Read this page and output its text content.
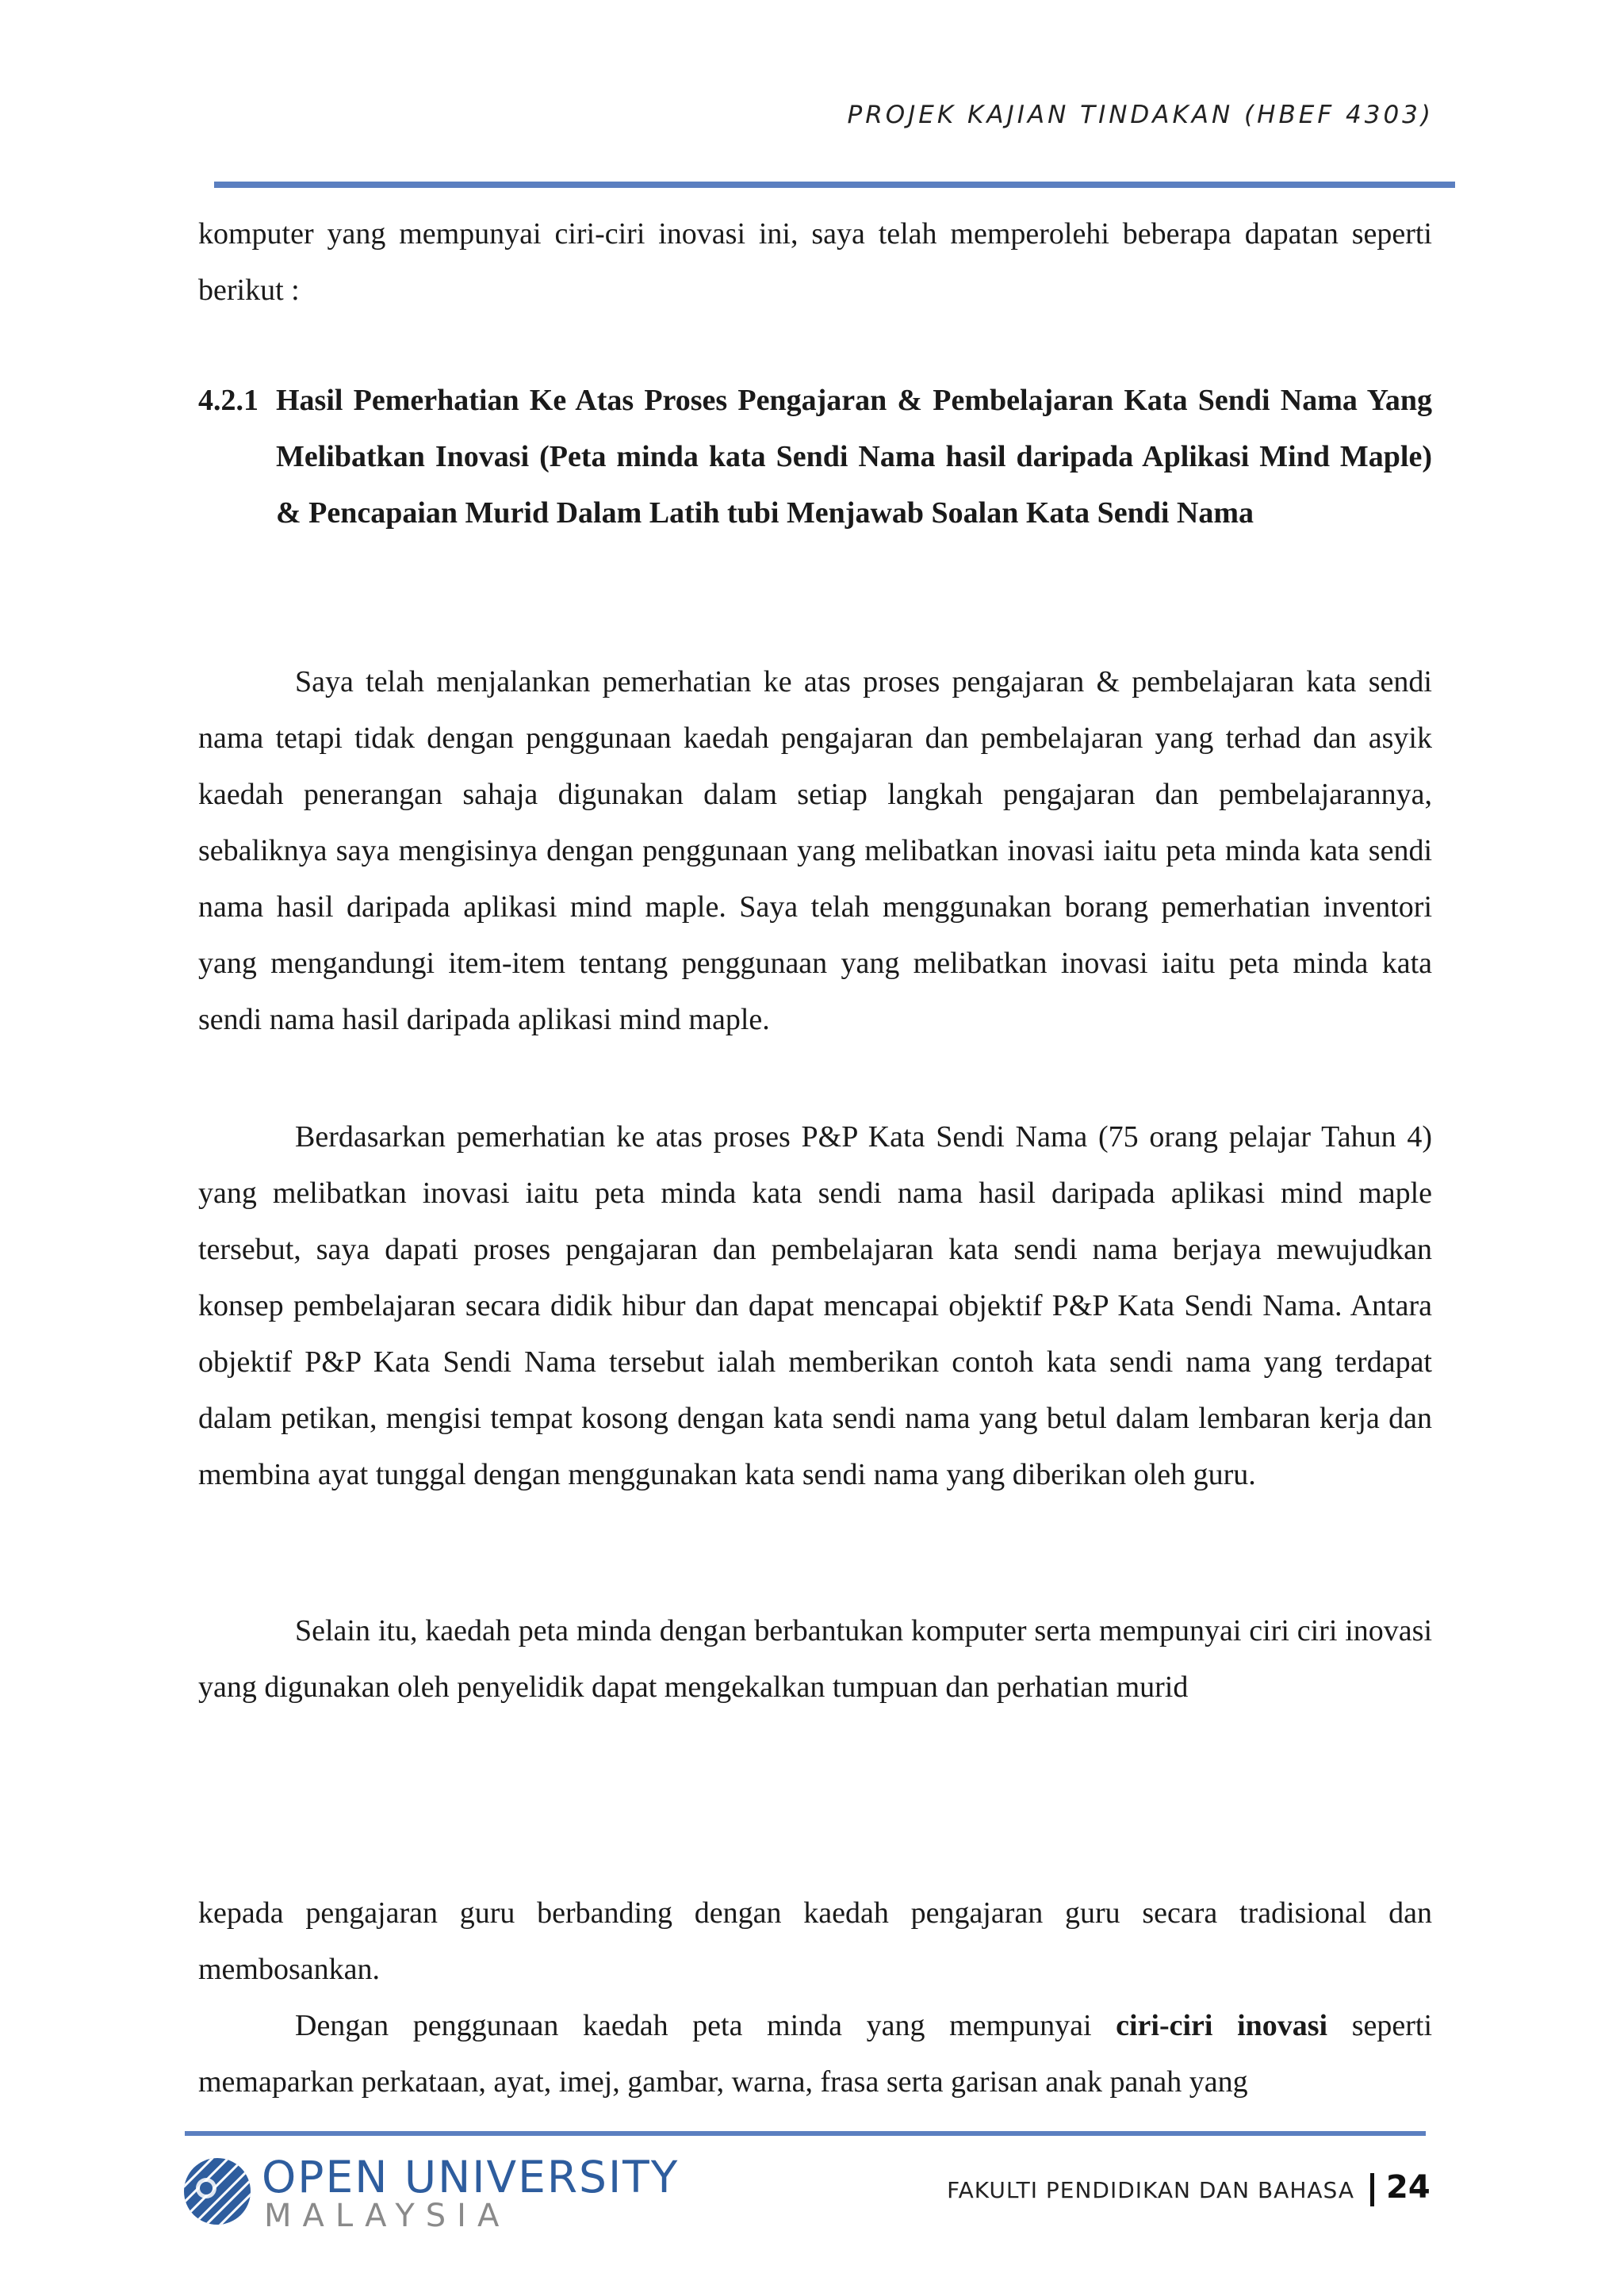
PROJEK KAJIAN TINDAKAN (HBEF 4303)

komputer yang mempunyai ciri-ciri inovasi ini, saya telah memperolehi beberapa dapatan seperti berikut :

4.2.1 Hasil Pemerhatian Ke Atas Proses Pengajaran & Pembelajaran Kata Sendi Nama Yang Melibatkan Inovasi (Peta minda kata Sendi Nama hasil daripada Aplikasi Mind Maple) & Pencapaian Murid Dalam Latih tubi Menjawab Soalan Kata Sendi Nama

Saya telah menjalankan pemerhatian ke atas proses pengajaran & pembelajaran kata sendi nama tetapi tidak dengan penggunaan kaedah pengajaran dan pembelajaran yang terhad dan asyik kaedah penerangan sahaja digunakan dalam setiap langkah pengajaran dan pembelajarannya, sebaliknya saya mengisinya dengan penggunaan yang melibatkan inovasi iaitu peta minda kata sendi nama hasil daripada aplikasi mind maple. Saya telah menggunakan borang pemerhatian inventori yang mengandungi item-item tentang penggunaan yang melibatkan inovasi iaitu peta minda kata sendi nama hasil daripada aplikasi mind maple.

Berdasarkan pemerhatian ke atas proses P&P Kata Sendi Nama (75 orang pelajar Tahun 4) yang melibatkan inovasi iaitu peta minda kata sendi nama hasil daripada aplikasi mind maple tersebut, saya dapati proses pengajaran dan pembelajaran kata sendi nama berjaya mewujudkan konsep pembelajaran secara didik hibur dan dapat mencapai objektif P&P Kata Sendi Nama. Antara objektif P&P Kata Sendi Nama tersebut ialah memberikan contoh kata sendi nama yang terdapat dalam petikan, mengisi tempat kosong dengan kata sendi nama yang betul dalam lembaran kerja dan membina ayat tunggal dengan menggunakan kata sendi nama yang diberikan oleh guru.

Selain itu, kaedah peta minda dengan berbantukan komputer serta mempunyai ciri ciri inovasi yang digunakan oleh penyelidik dapat mengekalkan tumpuan dan perhatian murid

kepada pengajaran guru berbanding dengan kaedah pengajaran guru secara tradisional dan membosankan.

Dengan penggunaan kaedah peta minda yang mempunyai ciri-ciri inovasi seperti memaparkan perkataan, ayat, imej, gambar, warna, frasa serta garisan anak panah yang

OPEN UNIVERSITY
MALAYSIA
FAKULTI PENDIDIKAN DAN BAHASA 24
